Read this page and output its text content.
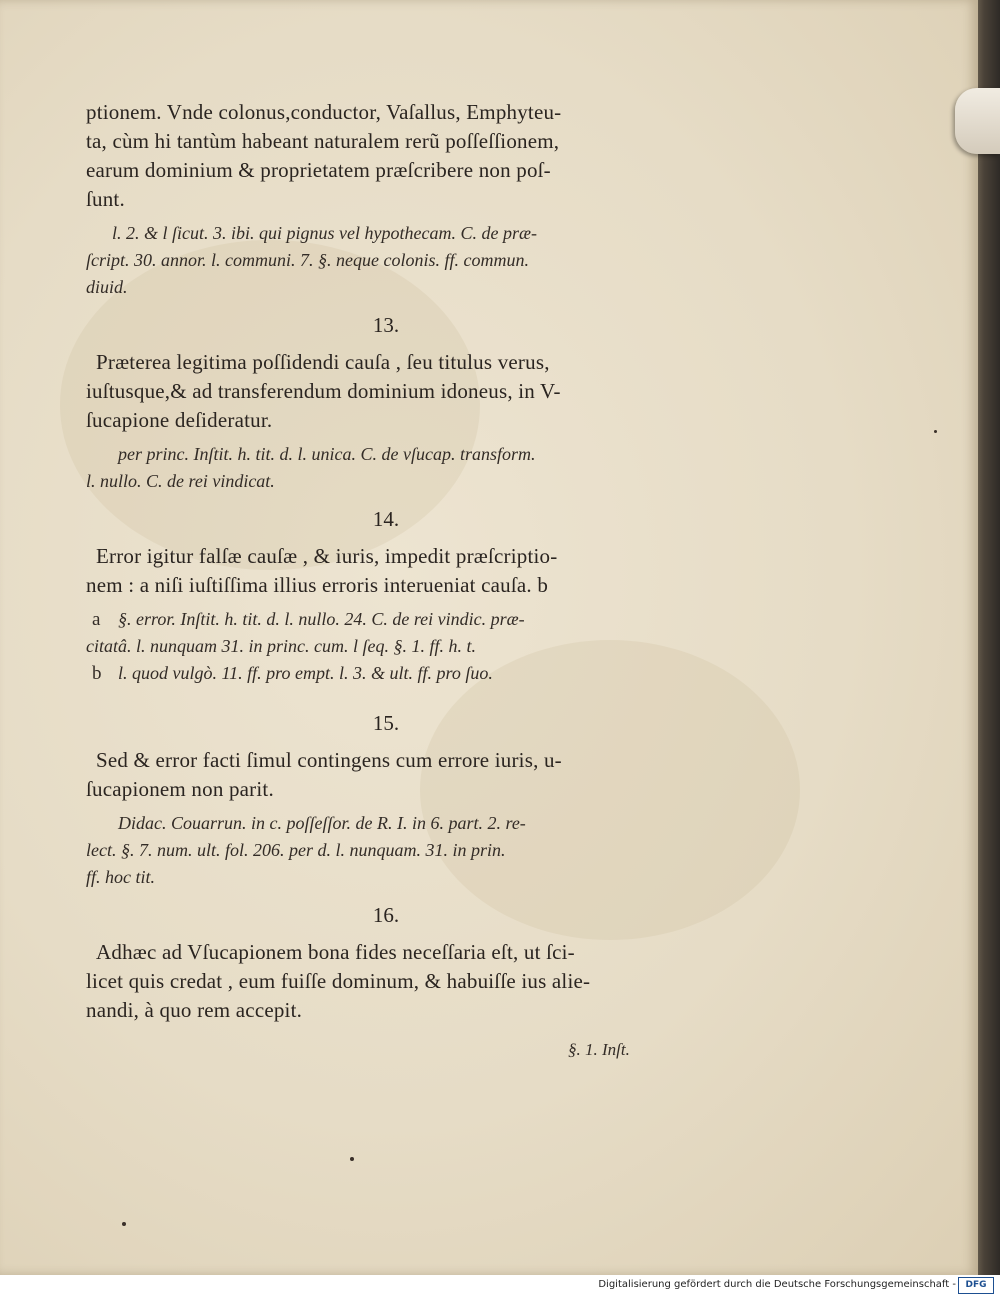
ptionem. Vnde colonus,conductor, Vaſallus, Emphyteu-
ta, cùm hi tantùm habeant naturalem rerũ poſſeſſionem,
earum dominium & proprietatem præſcribere non poſ-
ſunt.

l. 2. & l ſicut. 3. ibi. qui pignus vel hypothecam. C. de præ-
ſcript. 30. annor. l. communi. 7. §. neque colonis. ff. commun.
diuid.
13.

Præterea legitima poſſidendi cauſa , ſeu titulus verus,
iuſtusque,& ad transferendum dominium idoneus, in V-
ſucapione deſideratur.

per princ. Inſtit. h. tit. d. l. unica. C. de vſucap. transform.
l. nullo. C. de rei vindicat.
14.

Error igitur falſæ cauſæ , & iuris, impedit præſcriptio-
nem : a niſi iuſtiſſima illius erroris interueniat cauſa. b

a §. error. Inſtit. h. tit. d. l. nullo. 24. C. de rei vindic. præ-
citatâ. l. nunquam 31. in princ. cum. l ſeq. §. 1. ff. h. t.
b l. quod vulgò. 11. ff. pro empt. l. 3. & ult. ff. pro ſuo.
15.

Sed & error facti ſimul contingens cum errore iuris, u-
ſucapionem non parit.

Didac. Couarrun. in c. poſſeſſor. de R. I. in 6. part. 2. re-
lect. §. 7. num. ult. fol. 206. per d. l. nunquam. 31. in prin.
ff. hoc tit.
16.

Adhæc ad Vſucapionem bona fides neceſſaria eſt, ut ſci-
licet quis credat , eum fuiſſe dominum, & habuiſſe ius alie-
nandi, à quo rem accepit.

§. 1. Inſt.
Digitalisierung gefördert durch die Deutsche Forschungsgemeinschaft -	DFG
